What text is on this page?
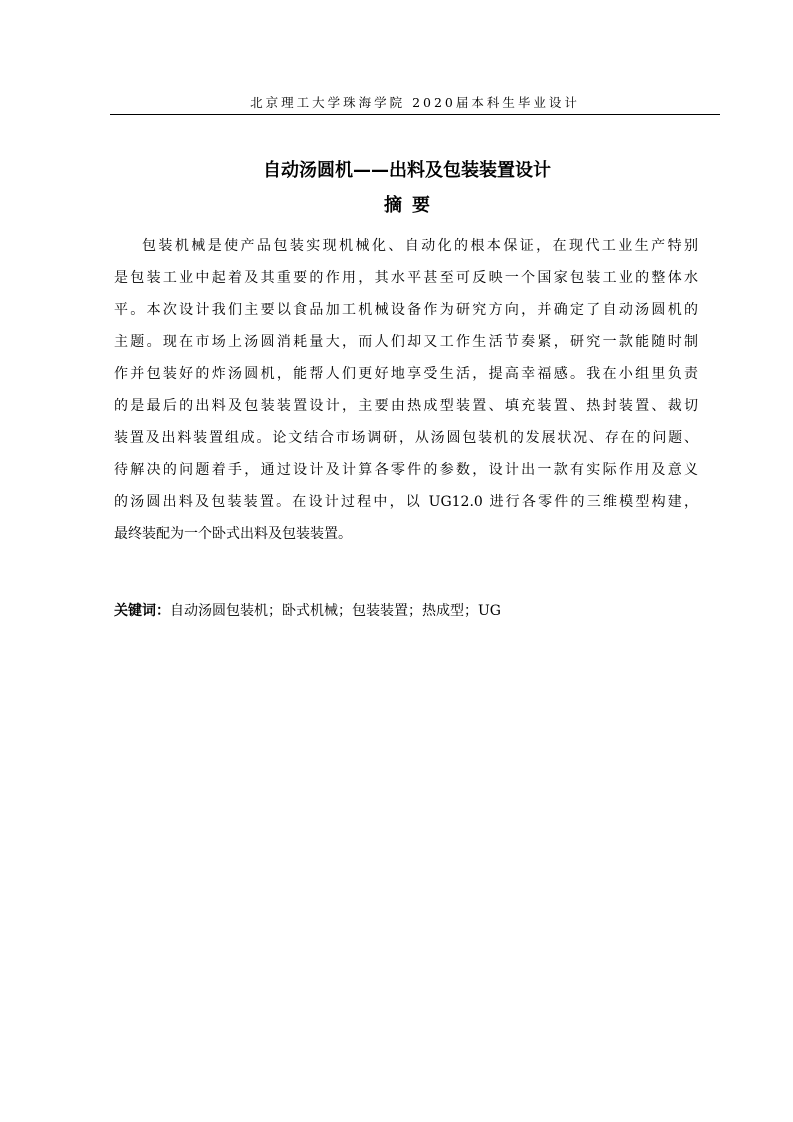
北京理工大学珠海学院 2020届本科生毕业设计
自动汤圆机——出料及包装装置设计
摘要
包装机械是使产品包装实现机械化、自动化的根本保证，在现代工业生产特别
是包装工业中起着及其重要的作用，其水平甚至可反映一个国家包装工业的整体水
平。本次设计我们主要以食品加工机械设备作为研究方向，并确定了自动汤圆机的
主题。现在市场上汤圆消耗量大，而人们却又工作生活节奏紧，研究一款能随时制
作并包装好的炸汤圆机，能帮人们更好地享受生活，提高幸福感。我在小组里负责
的是最后的出料及包装装置设计，主要由热成型装置、填充装置、热封装置、裁切
装置及出料装置组成。论文结合市场调研，从汤圆包装机的发展状况、存在的问题、
待解决的问题着手，通过设计及计算各零件的参数，设计出一款有实际作用及意义
的汤圆出料及包装装置。在设计过程中，以 UG12.0 进行各零件的三维模型构建，
最终装配为一个卧式出料及包装装置。
关键词：自动汤圆包装机；卧式机械；包装装置；热成型；UG
